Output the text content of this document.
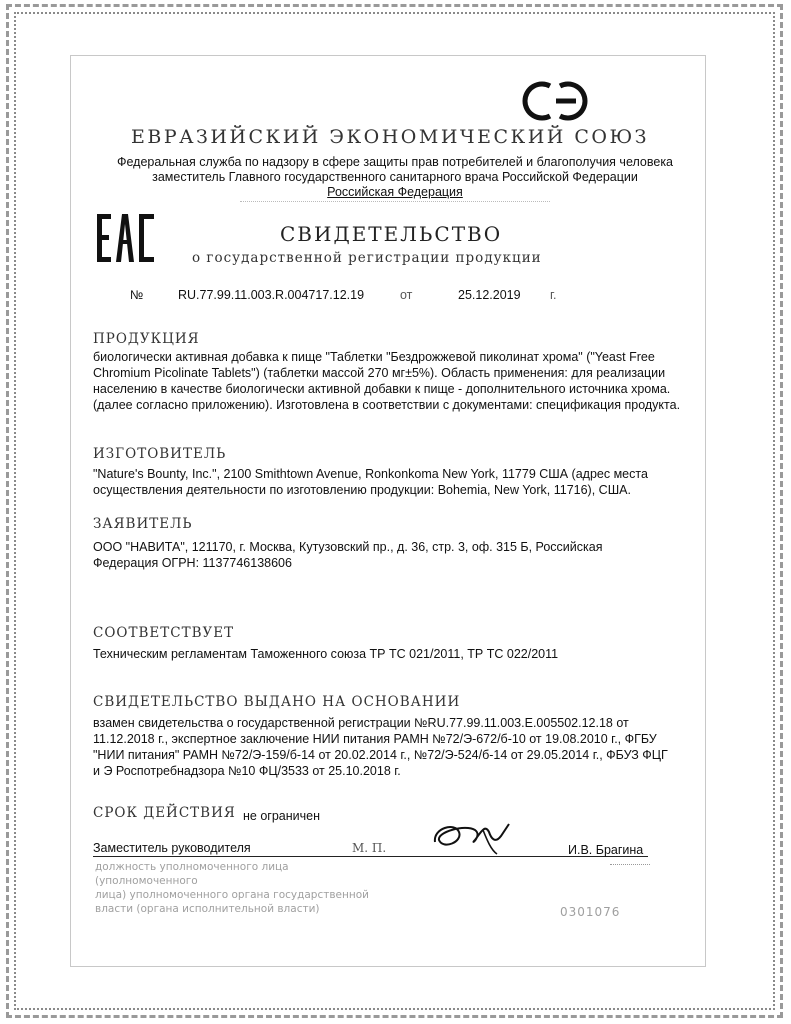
ЕВРАЗИЙСКИЙ ЭКОНОМИЧЕСКИЙ СОЮЗ
Федеральная служба по надзору в сфере защиты прав потребителей и благополучия человека
заместитель Главного государственного санитарного врача Российской Федерации
Российская Федерация
СВИДЕТЕЛЬСТВО
о государственной регистрации продукции
№	RU.77.99.11.003.R.004717.12.19	от	25.12.2019 г.
ПРОДУКЦИЯ
биологически активная добавка к пище "Таблетки "Бездрожжевой пиколинат хрома" ("Yeast Free
Chromium Picolinate Tablets") (таблетки массой 270 мг±5%). Область применения: для реализации
населению в качестве биологически активной добавки к пище - дополнительного источника хрома.
(далее согласно приложению). Изготовлена в соответствии с документами: спецификация продукта.
ИЗГОТОВИТЕЛЬ
"Nature's Bounty, Inc.", 2100 Smithtown Avenue, Ronkonkoma New York, 11779 США (адрес места
осуществления деятельности по изготовлению продукции: Bohemia, New York, 11716), США.
ЗАЯВИТЕЛЬ
ООО "НАВИТА", 121170, г. Москва, Кутузовский пр., д. 36, стр. 3, оф. 315 Б, Российская
Федерация ОГРН: 1137746138606
СООТВЕТСТВУЕТ
Техническим регламентам Таможенного союза ТР ТС 021/2011, ТР ТС 022/2011
СВИДЕТЕЛЬСТВО ВЫДАНО НА ОСНОВАНИИ
взамен свидетельства о государственной регистрации №RU.77.99.11.003.Е.005502.12.18 от
11.12.2018 г., экспертное заключение НИИ питания РАМН №72/Э-672/б-10 от 19.08.2010 г., ФГБУ
"НИИ питания" РАМН №72/Э-159/б-14 от 20.02.2014 г., №72/Э-524/б-14 от 29.05.2014 г., ФБУЗ ФЦГ
и Э Роспотребнадзора №10 ФЦ/3533 от 25.10.2018 г.
СРОК ДЕЙСТВИЯ не ограничен
Заместитель руководителя	М. П.	И.В. Брагина
должность уполномоченного лица (уполномоченного
лица) уполномоченного органа государственной
власти (органа исполнительной власти)	0301076
